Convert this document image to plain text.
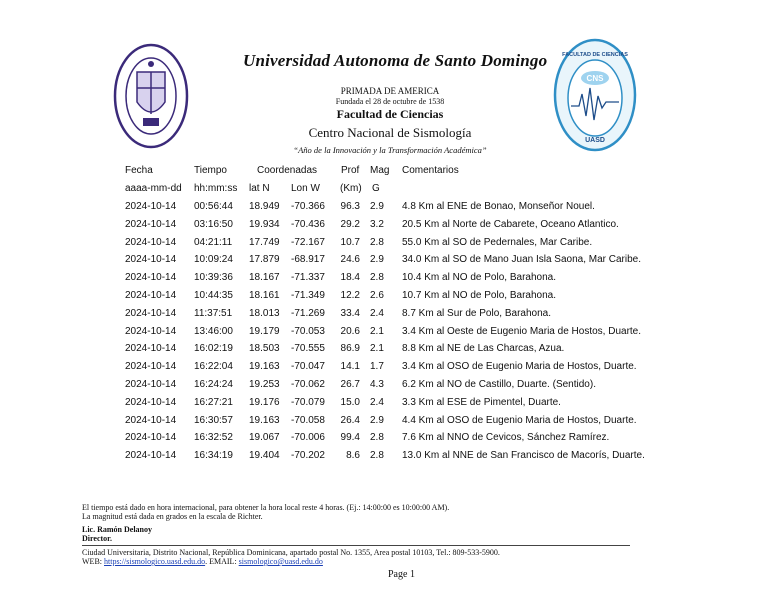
CNS
FACULTAD DE CIENCIAS
UASD
Universidad Autonoma de Santo Domingo
PRIMADA DE AMERICA
Fundada el 28 de octubre de 1538
Facultad de Ciencias
Centro Nacional de Sismología
“Año de la Innovación y la Transformación Académica”
Fecha	Tiempo	Coordenadas Prof Mag Comentarios
aaaa-mm-dd hh:mm:ss lat N Lon W (Km) G
2024-10-14 00:56:44 18.949 -70.366	96.3 2.9 4.8 Km al ENE de Bonao, Monseñor Nouel.
2024-10-14 03:16:50 19.934 -70.436	29.2 3.2 20.5 Km al Norte de Cabarete, Oceano Atlantico.
2024-10-14 04:21:11 17.749 -72.167	10.7 2.8 55.0 Km al SO de Pedernales, Mar Caribe.
2024-10-14 10:09:24 17.879 -68.917	24.6 2.9 34.0 Km al SO de Mano Juan Isla Saona, Mar Caribe.
2024-10-14 10:39:36 18.167 -71.337	18.4 2.8 10.4 Km al NO de Polo, Barahona.
2024-10-14 10:44:35 18.161 -71.349	12.2 2.6 10.7 Km al NO de Polo, Barahona.
2024-10-14 11:37:51 18.013 -71.269	33.4 2.4 8.7 Km al Sur de Polo, Barahona.
2024-10-14 13:46:00 19.179 -70.053	20.6 2.1 3.4 Km al Oeste de Eugenio Maria de Hostos, Duarte.
2024-10-14 16:02:19 18.503 -70.555	86.9 2.1 8.8 Km al NE de Las Charcas, Azua.
2024-10-14 16:22:04 19.163 -70.047	14.1 1.7 3.4 Km al OSO de Eugenio Maria de Hostos, Duarte.
2024-10-14 16:24:24 19.253 -70.062	26.7 4.3 6.2 Km al NO de Castillo, Duarte. (Sentido).
2024-10-14 16:27:21 19.176 -70.079	15.0 2.4 3.3 Km al ESE de Pimentel, Duarte.
2024-10-14 16:30:57 19.163 -70.058	26.4 2.9 4.4 Km al OSO de Eugenio Maria de Hostos, Duarte.
2024-10-14 16:32:52 19.067 -70.006	99.4 2.8 7.6 Km al NNO de Cevicos, Sánchez Ramírez.
2024-10-14 16:34:19 19.404 -70.202	8.6 2.8 13.0 Km al NNE de San Francisco de Macorís, Duarte.
El tiempo está dado en hora internacional, para obtener la hora local reste 4 horas. (Ej.: 14:00:00 es 10:00:00 AM).
La magnitud está dada en grados en la escala de Richter.
Lic. Ramón Delanoy
Director.
Ciudad Universitaria, Distrito Nacional, República Dominicana, apartado postal No. 1355, Area postal 10103, Tel.: 809-533-5900.
WEB: https://sismologico.uasd.edu.do. EMAIL: sismologico@uasd.edu.do
Page 1
